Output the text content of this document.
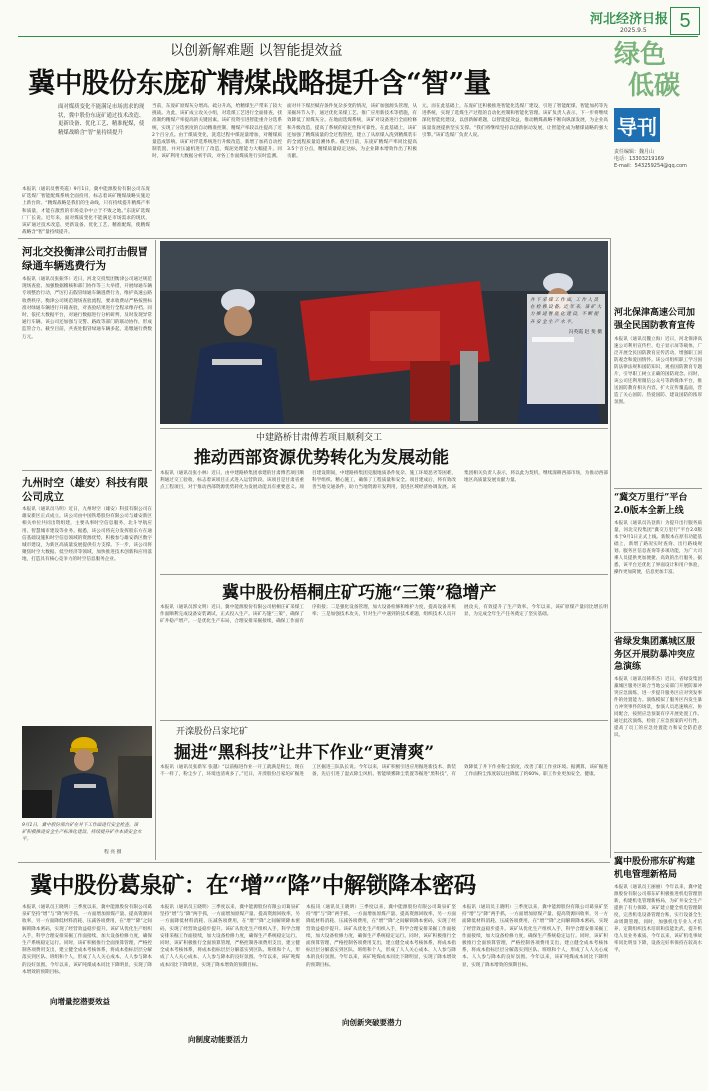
河北经济日报
2025.9.5 5
绿色
低碳
导刊
责任编辑：魏月山
电话：13303219169
E-mail：543259254@qq.com
以创新解难题 以智能提效益
冀中股份东庞矿精煤战略提升含“智”量
面对煤质变化不能满足市场需求的现状，冀中股份东庞矿通过技术改造、更新设备、优化工艺、精准配煤，使精煤战略含“智”量持续提升
本报讯（通讯员曹英霞）9月1日，冀中能源股份有限公司东庞矿选煤厂智能配煤系统全面投用，标志着该矿精煤战略实施迈上新台阶。“精煤战略是我们的生命线，只有持续提升精煤产率和质量，才能在激烈的市场竞争中立于不败之地。”东庞矿选煤厂厂长说。近年来，面对煤质变化不能满足市场需求的现状，该矿通过技术改造、更新设备、优化工艺、精准配煤，使精煤战略含“智”量持续提升。
当前，东庞矿原煤灰分增高、硫分升高，给精煤生产带来了较大挑战。为此，该矿成立攻关小组，对选煤工艺进行全面排查，找准制约精煤产率提高的关键因素。该矿投资引进智能重介分选系统，实现了分选密度的自动精准控制，精煤产率较以往提高了近2个百分点。由于煤质变化，洗选过程中煤泥量增加，对精煤质量造成影响。该矿对浮选系统进行升级改造，新增了加药自动控制装置，并对压滤机进行了改造，煤泥处理能力大幅提升。同时，该矿利用大数据分析手段，对各工作面煤质进行实时监测。
面对井下煤层赋存条件复杂多变的情况，该矿加强源头管理，从采掘环节入手，通过优化采煤工艺、推广应用新技术等措施，有效降低了原煤灰分。在地面选煤系统，该矿对设备进行全面检修和升级改造，提高了系统的稳定性和可靠性。在此基础上，该矿还加强了精煤质量的全过程管控，建立了从原煤入洗到精煤装车的全流程质量追溯体系。截至目前，东庞矿精煤产率同比提高3.5个百分点，精煤质量稳定达标，为企业降本增效作出了积极贡献。
元。而在此基础上，东庞矿还积极推进智能化选煤厂建设，引进了智能配煤、智能加药等先进系统，实现了选煤生产过程的自动化控制和智能化管理。该矿负责人表示，下一步将继续深化智能化建设，以创新解难题，以智能提效益，推动精煤战略不断向纵深发展，为企业高质量发展提供坚实支撑。“我们将继续坚持以创新驱动发展，让智能化成为精煤战略的强大引擎。”该矿选煤厂负责人说。
河北交投衡津公司打击假冒绿通车辆逃费行为
本报讯（通讯员张振华）近日，河北交投集团衡津公司通过规范现场查验、加强数据稽核和部门协作等三大举措，开展绿通车辆专项整治行动，严厉打击假冒绿通车辆逃费行为，维护高速公路收费秩序。衡津公司规范现场查验流程，要求收费站严格按照标准对绿通车辆进行开箱查验，对查验结果进行全程录像存档。同时，依托大数据平台，对通行数据进行分析研判，及时发现异常通行车辆。该公司还加强与交警、路政等部门的联动协作，形成监管合力。截至目前，共查处假冒绿通车辆多起，追缴通行费数万元。
九州时空（雄安）科技有限公司成立
本报讯（通讯员马明）近日，九州时空（雄安）科技有限公司在雄安新区正式成立。该公司由中国铁塔股份有限公司与雄安新区相关单位共同出资组建，主要从事时空信息服务、北斗导航应用、智慧城市建设等业务。据悉，该公司将充分发挥股东方在通信基础设施和时空信息领域的资源优势，积极参与雄安新区数字城市建设，为新区高质量发展提供有力支撑。下一步，该公司将聚焦时空大数据、低空经济等领域，加快推进技术创新和应用落地，打造具有核心竞争力的时空信息服务企业。
9月1日，冀中股份邢台矿在井下工作面进行安全检查。该矿积极推进安全生产标准化建设，持续提升矿井本质安全水平。
程 亮 摄
井 下 采 煤 工 作 面，工 作 人 员 在 检 修 设 备。近 年 来，该 矿 大 力 推 进 智 能 化 建 设，不 断 提 升 安 全 生 产 水 平。
冯英霞 赵 斐 摄
中建路桥甘肃傅若项目顺利交工
推动西部资源优势转化为发展动能
本报讯（通讯员张小林）近日，由中建路桥集团承建的甘肃傅若项目顺利通过交工验收，标志着该项目正式进入运营阶段。该项目是甘肃省重点工程项目，对于推动西部资源优势转化为发展动能具有重要意义。项目建设期间，中建路桥集团克服地质条件复杂、施工环境恶劣等困难，科学组织、精心施工，确保了工程质量和安全。项目建成后，将有效改善当地交通条件，助力当地资源开发利用，促进区域经济协调发展。该集团相关负责人表示，将以此为契机，继续深耕西部市场，为推动西部地区高质量发展贡献力量。
冀中股份梧桐庄矿巧施“三策”稳增产
本报讯（通讯员郭文明）近日，冀中能源股份有限公司梧桐庄矿采煤工作面顺利完成设备安装调试，正式投入生产。该矿巧施“三策”，确保了矿井稳产增产。一是优化生产布局，合理安排采掘接续，确保工作面有序衔接；二是强化设备管理，加大设备检修和维护力度，提高设备开机率；三是加强技术攻关，针对生产中遇到的技术难题，组织技术人员开展攻关，有效提升了生产效率。今年以来，该矿原煤产量同比增长明显，为完成全年生产任务奠定了坚实基础。
开滦股份吕家坨矿
掘进“黑科技”让井下作业“更清爽”
本报讯（通讯员张新军 张越）“以前掘进作业一开工就满是粉尘，现在不一样了，粉尘少了，环境也清爽多了。”近日，开滦股份吕家坨矿掘进工区掘进三队队长说。今年以来，该矿积极引进应用掘进新技术、新装备，先后引进了湿式除尘风机、智能喷雾降尘装置等掘进“黑科技”，有效降低了井下作业粉尘浓度，改善了职工作业环境。据测算，该矿掘进工作面粉尘浓度较以往降低了约60%，职工作业更加安全、健康。
河北保津高速公司加强全民国防教育宣传
本报讯（通讯员魏立海）近日，河北保津高速公司利用宣传栏、电子显示屏等载体，广泛开展全民国防教育宣传活动，增强职工国防观念和爱国情怀。该公司组织职工学习国防法律法规和国防知识，观看国防教育专题片，引导职工树立正确的国防观念。同时，该公司还利用微信公众号等新媒体平台，推送国防教育相关内容，扩大宣传覆盖面，营造了关心国防、热爱国防、建设国防的浓厚氛围。
“冀交万里行”平台2.0版本全新上线
本报讯（通讯员冯登新）为提升出行服务质量，河北交投集团“冀交万里行”平台2.0版本于9月1日正式上线。新版本在原有功能基础上，新增了路况实时查询、出行路线规划、服务区信息查询等多项功能，为广大司乘人员提供更加便捷、高效的出行服务。据悉，该平台还优化了界面设计和用户体验，操作更加简便，信息更加丰富。
省绿发集团藁城区服务区开展防暴冲突应急演练
本报讯（通讯员韩伟杰）近日，省绿发集团藁城区服务区联合当地公安部门开展防暴冲突应急演练，进一步提升服务区应对突发事件的处置能力。演练模拟了服务区内发生暴力冲突事件的场景，参演人员迅速响应、协同配合，按照应急预案有序开展处置工作。通过此次演练，检验了应急预案的可行性，提高了员工的应急处置能力和安全防范意识。
冀中股份邢东矿构建机电管理新格局
本报讯（通讯员王丽丽）今年以来，冀中能源股份有限公司邢东矿积极推进机电管理创新，构建机电管理新格局，为矿井安全生产提供了有力保障。该矿建立健全机电管理制度，完善机电设备管理台账，实行设备全生命周期管理。同时，加强机电专业人才培养，定期组织技术培训和技能比武，提升机电人员业务素质。今年以来，该矿机电事故率同比明显下降，设备完好率保持在较高水平。
冀中股份葛泉矿：在“增”“降”中解锁降本密码
本报讯（通讯员王晓明）三季度以来，冀中能源股份有限公司葛泉矿坚持“增”与“降”两手抓，一方面增加原煤产量、提高资源回收率，另一方面降低材料消耗、压减各项费用，在“增”“降”之间解锁降本密码，实现了经营效益稳步提升。该矿从优化生产组织入手，科学合理安排采掘工作面接续，加大设备检修力度，确保生产系统稳定运行。同时，该矿积极推行全面预算管理，严格控制各项费用支出，建立健全成本考核体系，将成本指标层层分解落实到区队、班组和个人，形成了人人关心成本、人人参与降本的良好氛围。今年以来，该矿吨煤成本同比下降明显，实现了降本增效的预期目标。
向增量挖潜要效益
本报讯（通讯员王晓明）三季度以来，冀中能源股份有限公司葛泉矿坚持“增”与“降”两手抓，一方面增加原煤产量、提高资源回收率，另一方面降低材料消耗、压减各项费用，在“增”“降”之间解锁降本密码，实现了经营效益稳步提升。该矿从优化生产组织入手，科学合理安排采掘工作面接续，加大设备检修力度，确保生产系统稳定运行。同时，该矿积极推行全面预算管理，严格控制各项费用支出，建立健全成本考核体系，将成本指标层层分解落实到区队、班组和个人，形成了人人关心成本、人人参与降本的良好氛围。今年以来，该矿吨煤成本同比下降明显，实现了降本增效的预期目标。
向制度动能要活力
本报讯（通讯员王晓明）三季度以来，冀中能源股份有限公司葛泉矿坚持“增”与“降”两手抓，一方面增加原煤产量、提高资源回收率，另一方面降低材料消耗、压减各项费用，在“增”“降”之间解锁降本密码，实现了经营效益稳步提升。该矿从优化生产组织入手，科学合理安排采掘工作面接续，加大设备检修力度，确保生产系统稳定运行。同时，该矿积极推行全面预算管理，严格控制各项费用支出，建立健全成本考核体系，将成本指标层层分解落实到区队、班组和个人，形成了人人关心成本、人人参与降本的良好氛围。今年以来，该矿吨煤成本同比下降明显，实现了降本增效的预期目标。
向创新突破要潜力
本报讯（通讯员王晓明）三季度以来，冀中能源股份有限公司葛泉矿坚持“增”与“降”两手抓，一方面增加原煤产量、提高资源回收率，另一方面降低材料消耗、压减各项费用，在“增”“降”之间解锁降本密码，实现了经营效益稳步提升。该矿从优化生产组织入手，科学合理安排采掘工作面接续，加大设备检修力度，确保生产系统稳定运行。同时，该矿积极推行全面预算管理，严格控制各项费用支出，建立健全成本考核体系，将成本指标层层分解落实到区队、班组和个人，形成了人人关心成本、人人参与降本的良好氛围。今年以来，该矿吨煤成本同比下降明显，实现了降本增效的预期目标。
